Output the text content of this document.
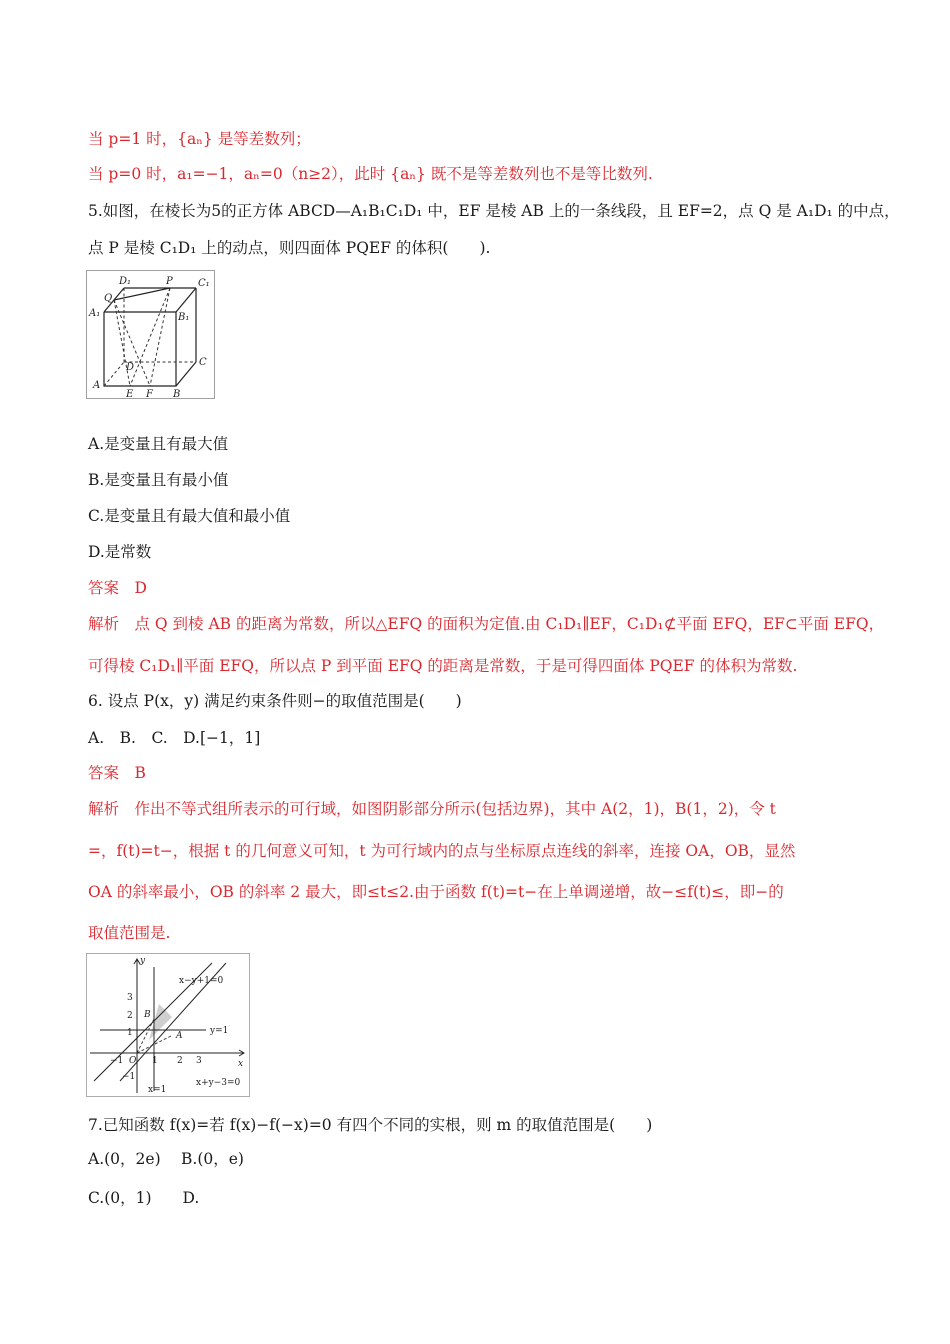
当 p=1 时，{aₙ} 是等差数列；
当 p=0 时，a₁=−1，aₙ=0（n≥2），此时 {aₙ} 既不是等差数列也不是等比数列.
5.如图，在棱长为5的正方体 ABCD—A₁B₁C₁D₁ 中，EF 是棱 AB 上的一条线段，且 EF=2，点 Q 是 A₁D₁ 的中点，
点 P 是棱 C₁D₁ 上的动点，则四面体 PQEF 的体积(　　).
D₁	P	C₁
Q
A₁	B₁
C
D
A
E F B
A.是变量且有最大值
B.是变量且有最小值
C.是变量且有最大值和最小值
D.是常数
答案　D
解析　点 Q 到棱 AB 的距离为常数，所以△EFQ 的面积为定值.由 C₁D₁∥EF，C₁D₁⊄平面 EFQ，EF⊂平面 EFQ，
可得棱 C₁D₁∥平面 EFQ，所以点 P 到平面 EFQ 的距离是常数，于是可得四面体 PQEF 的体积为常数.
6. 设点 P(x，y) 满足约束条件则−的取值范围是(　　)
A.　B.　C.　D.[−1，1]
答案　B
解析　作出不等式组所表示的可行域，如图阴影部分所示(包括边界)，其中 A(2，1)，B(1，2)，令 t
=，f(t)=t−，根据 t 的几何意义可知，t 为可行域内的点与坐标原点连线的斜率，连接 OA，OB，显然
OA 的斜率最小，OB 的斜率 2 最大，即≤t≤2.由于函数 f(t)=t−在上单调递增，故−≤f(t)≤，即−的
取值范围是.
y
x
O
B
A
3
2
1
−1
1 2 3
−1
x−y+1=0
y=1
x+y−3=0
x=1
7.已知函数 f(x)=若 f(x)−f(−x)=0 有四个不同的实根，则 m 的取值范围是(　　)
A.(0，2e)　 B.(0，e)
C.(0，1)　　D.
